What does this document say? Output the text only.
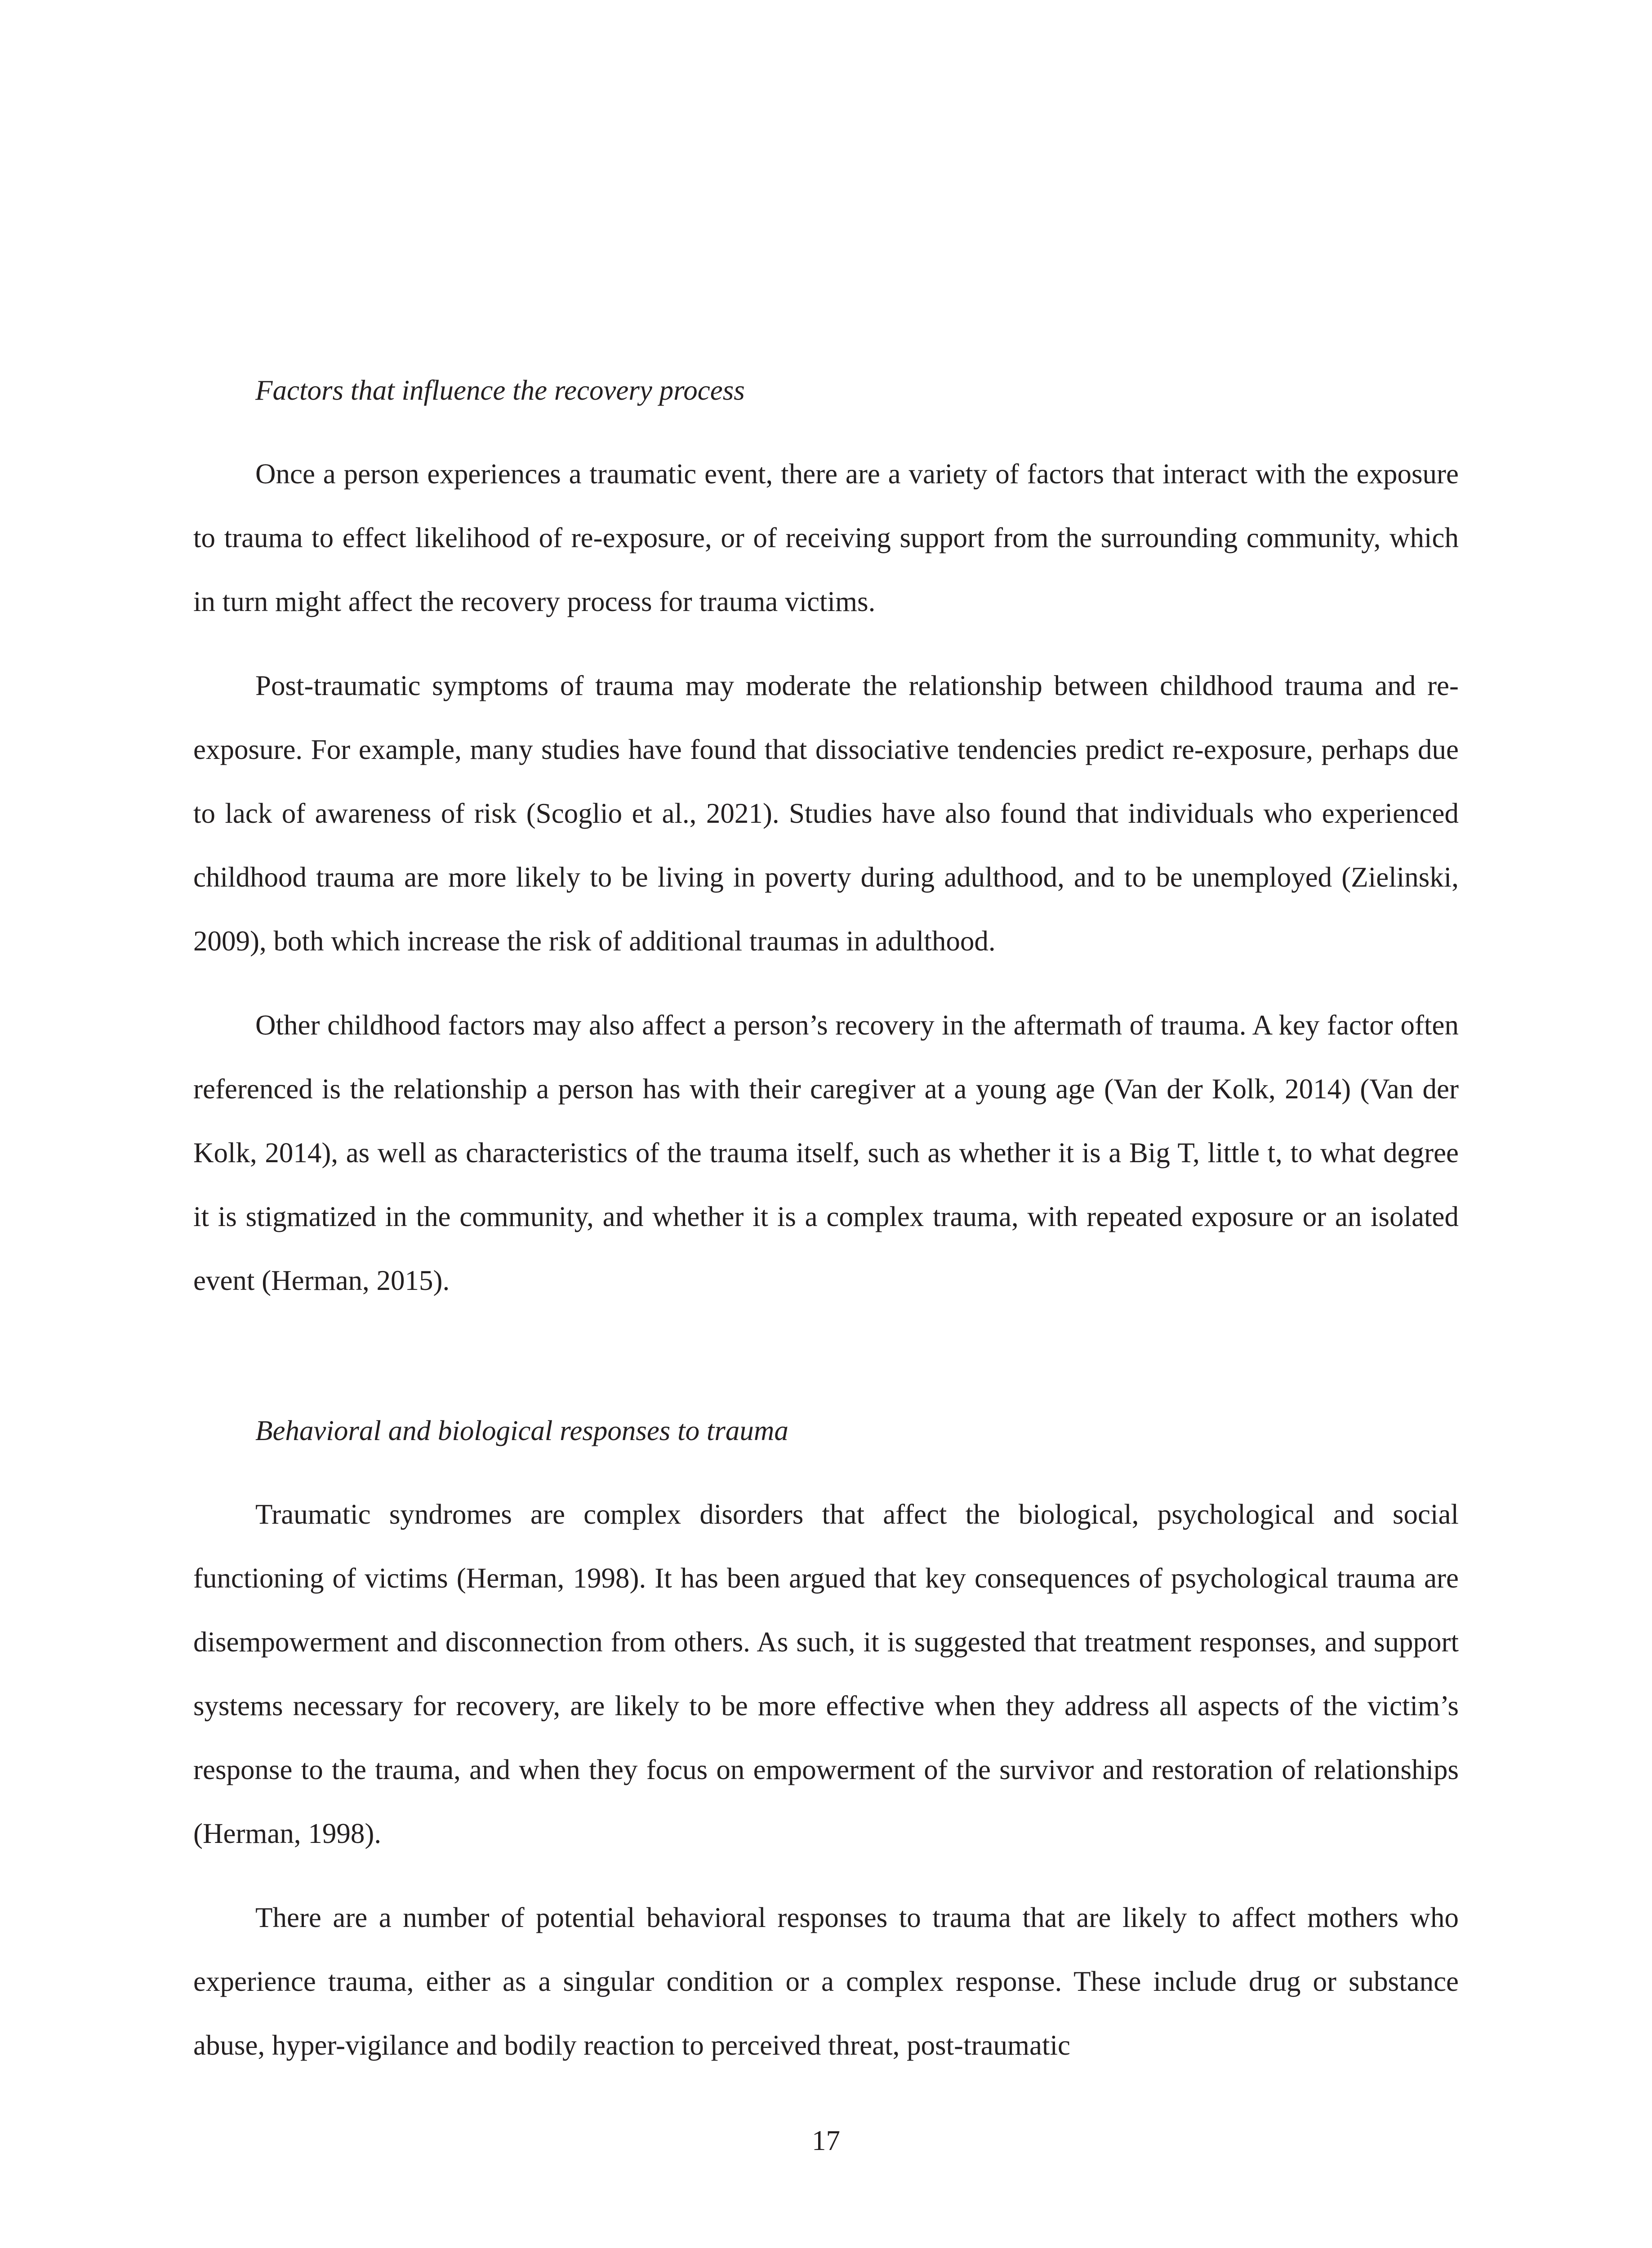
Factors that influence the recovery process

Once a person experiences a traumatic event, there are a variety of factors that interact with the exposure to trauma to effect likelihood of re-exposure, or of receiving support from the surrounding community, which in turn might affect the recovery process for trauma victims.

Post-traumatic symptoms of trauma may moderate the relationship between childhood trauma and re-exposure. For example, many studies have found that dissociative tendencies predict re-exposure, perhaps due to lack of awareness of risk (Scoglio et al., 2021). Studies have also found that individuals who experienced childhood trauma are more likely to be living in poverty during adulthood, and to be unemployed (Zielinski, 2009), both which increase the risk of additional traumas in adulthood.

Other childhood factors may also affect a person’s recovery in the aftermath of trauma. A key factor often referenced is the relationship a person has with their caregiver at a young age (Van der Kolk, 2014) (Van der Kolk, 2014), as well as characteristics of the trauma itself, such as whether it is a Big T, little t, to what degree it is stigmatized in the community, and whether it is a complex trauma, with repeated exposure or an isolated event (Herman, 2015).

Behavioral and biological responses to trauma

Traumatic syndromes are complex disorders that affect the biological, psychological and social functioning of victims (Herman, 1998). It has been argued that key consequences of psychological trauma are disempowerment and disconnection from others. As such, it is suggested that treatment responses, and support systems necessary for recovery, are likely to be more effective when they address all aspects of the victim’s response to the trauma, and when they focus on empowerment of the survivor and restoration of relationships (Herman, 1998).

There are a number of potential behavioral responses to trauma that are likely to affect mothers who experience trauma, either as a singular condition or a complex response. These include drug or substance abuse, hyper-vigilance and bodily reaction to perceived threat, post-traumatic

17
